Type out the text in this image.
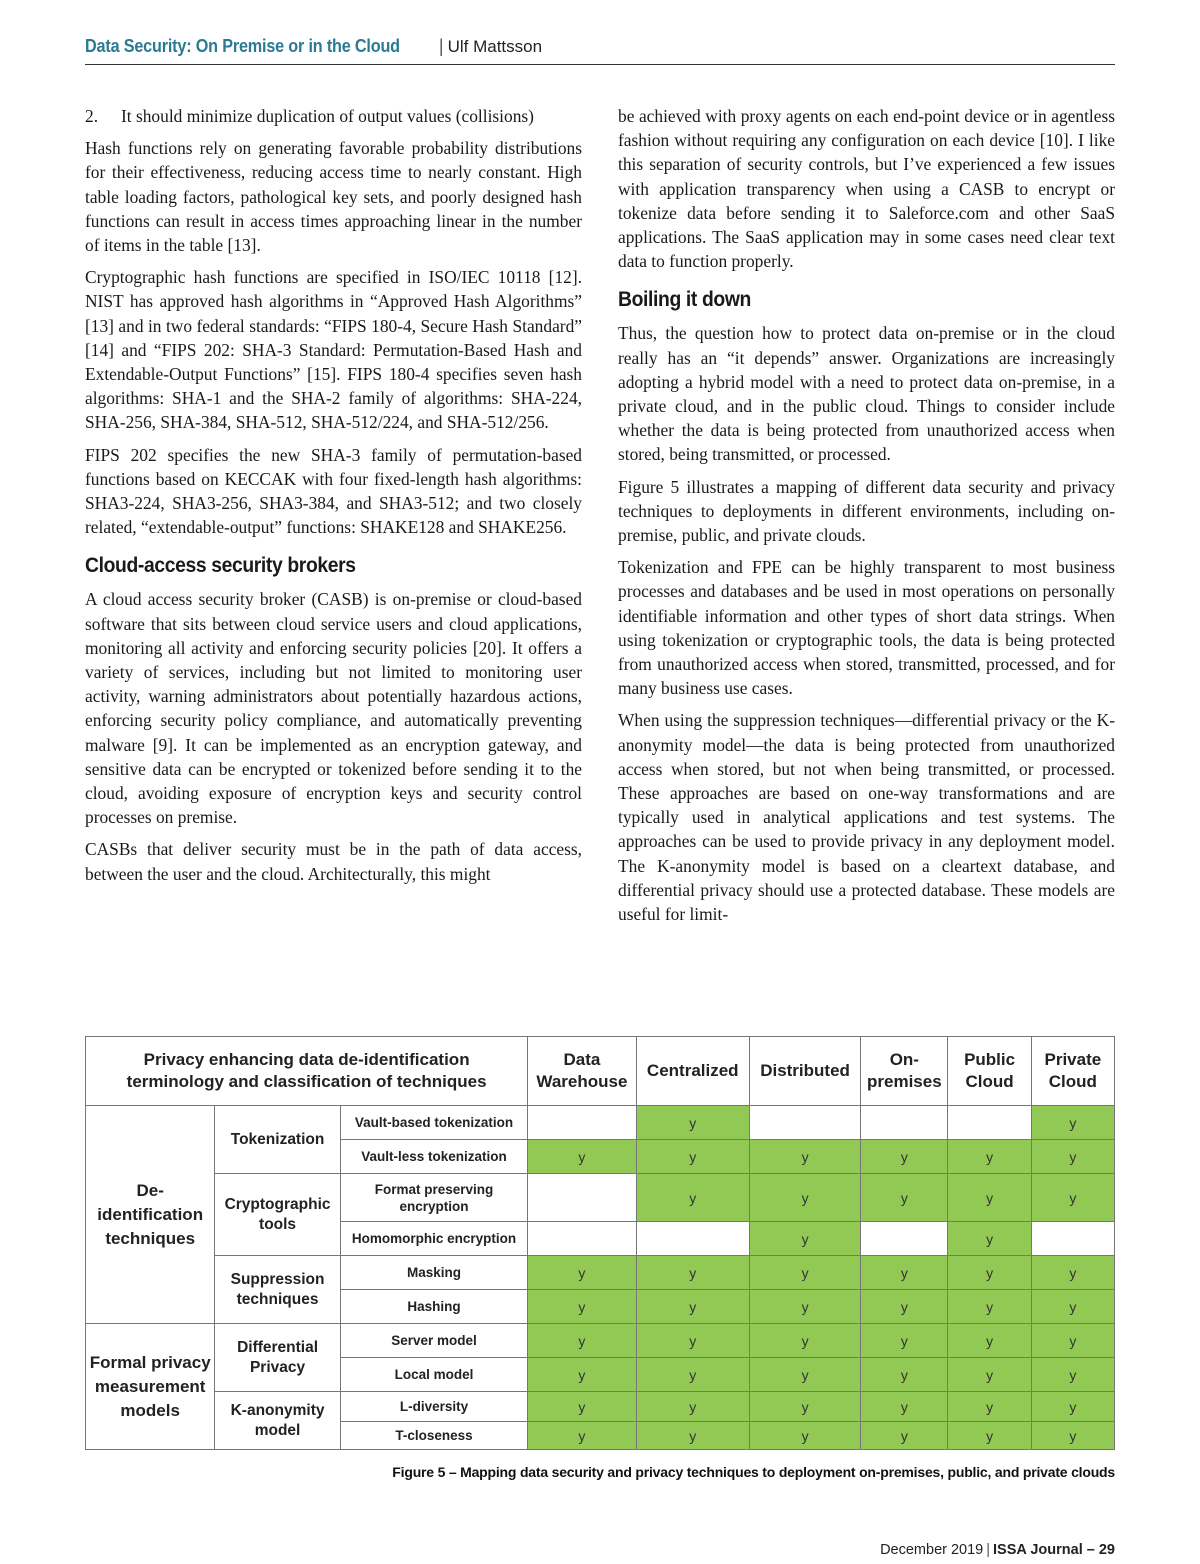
Data Security: On Premise or in the Cloud | Ulf Mattsson
2.	It should minimize duplication of output values (collisions)

Hash functions rely on generating favorable probability distributions for their effectiveness, reducing access time to nearly constant. High table loading factors, pathological key sets, and poorly designed hash functions can result in access times approaching linear in the number of items in the table [13].

Cryptographic hash functions are specified in ISO/IEC 10118 [12]. NIST has approved hash algorithms in “Approved Hash Algorithms” [13] and in two federal standards: “FIPS 180-4, Secure Hash Standard” [14] and “FIPS 202: SHA-3 Standard: Permutation-Based Hash and Extendable-Output Functions” [15]. FIPS 180-4 specifies seven hash algorithms: SHA-1 and the SHA-2 family of algorithms: SHA-224, SHA-256, SHA-384, SHA-512, SHA-512/224, and SHA-512/256.

FIPS 202 specifies the new SHA-3 family of permutation-based functions based on KECCAK with four fixed-length hash algorithms: SHA3-224, SHA3-256, SHA3-384, and SHA3-512; and two closely related, “extendable-output” functions: SHAKE128 and SHAKE256.

Cloud-access security brokers

A cloud access security broker (CASB) is on-premise or cloud-based software that sits between cloud service users and cloud applications, monitoring all activity and enforcing security policies [20]. It offers a variety of services, including but not limited to monitoring user activity, warning administrators about potentially hazardous actions, enforcing security policy compliance, and automatically preventing malware [9]. It can be implemented as an encryption gateway, and sensitive data can be encrypted or tokenized before sending it to the cloud, avoiding exposure of encryption keys and security control processes on premise.

CASBs that deliver security must be in the path of data access, between the user and the cloud. Architecturally, this might

be achieved with proxy agents on each end-point device or in agentless fashion without requiring any configuration on each device [10]. I like this separation of security controls, but I’ve experienced a few issues with application transparency when using a CASB to encrypt or tokenize data before sending it to Saleforce.com and other SaaS applications. The SaaS application may in some cases need clear text data to function properly.

Boiling it down

Thus, the question how to protect data on-premise or in the cloud really has an “it depends” answer. Organizations are increasingly adopting a hybrid model with a need to protect data on-premise, in a private cloud, and in the public cloud. Things to consider include whether the data is being protected from unauthorized access when stored, being transmitted, or processed.

Figure 5 illustrates a mapping of different data security and privacy techniques to deployments in different environments, including on-premise, public, and private clouds.

Tokenization and FPE can be highly transparent to most business processes and databases and be used in most operations on personally identifiable information and other types of short data strings. When using tokenization or cryptographic tools, the data is being protected from unauthorized access when stored, transmitted, processed, and for many business use cases.

When using the suppression techniques—differential privacy or the K-anonymity model—the data is being protected from unauthorized access when stored, but not when being transmitted, or processed. These approaches are based on one-way transformations and are typically used in analytical applications and test systems. The approaches can be used to provide privacy in any deployment model. The K-anonymity model is based on a cleartext database, and differential privacy should use a protected database. These models are useful for limit-

Privacy enhancing data de-identification terminology and classification of techniques			Data Warehouse	Centralized	Distributed	On-premises	Public Cloud	Private Cloud
De-identification techniques	Tokenization	Vault-based tokenization		y				y
		Vault-less tokenization	y	y	y	y	y	y
	Cryptographic tools	Format preserving encryption		y	y	y	y	y
		Homomorphic encryption			y		y	
	Suppression techniques	Masking	y	y	y	y	y	y
		Hashing	y	y	y	y	y	y
Formal privacy measurement models	Differential Privacy	Server model	y	y	y	y	y	y
		Local model	y	y	y	y	y	y
	K-anonymity model	L-diversity	y	y	y	y	y	y
		T-closeness	y	y	y	y	y	y
Figure 5 – Mapping data security and privacy techniques to deployment on-premises, public, and private clouds
December 2019 | ISSA Journal – 29
